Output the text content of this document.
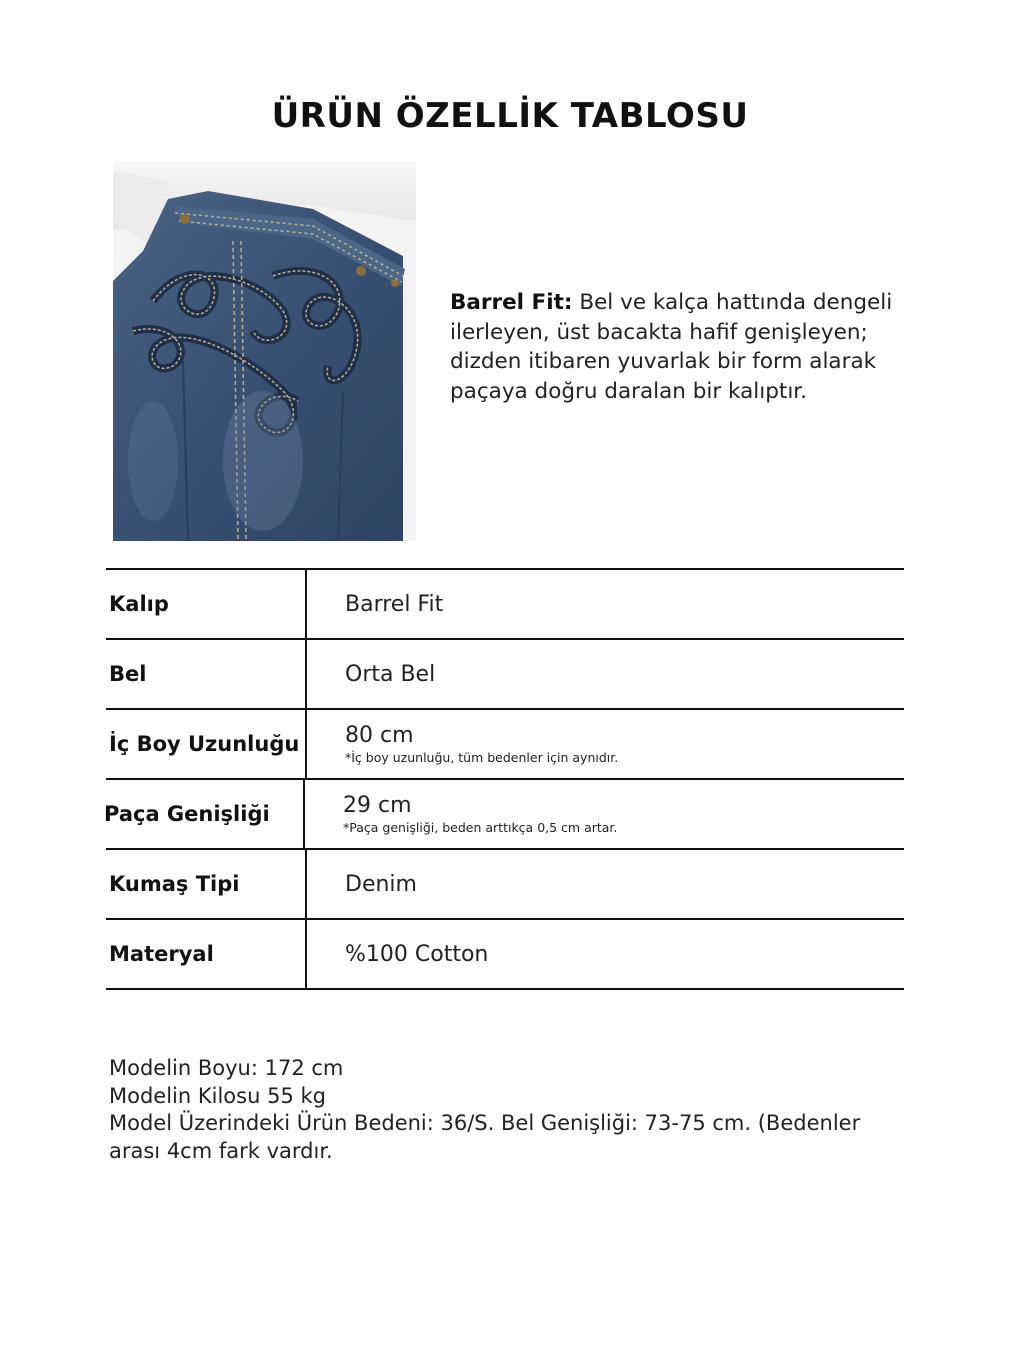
ÜRÜN ÖZELLİK TABLOSU
Barrel Fit: Bel ve kalça hattında dengeli ilerleyen, üst bacakta hafif genişleyen; dizden itibaren yuvarlak bir form alarak paçaya doğru daralan bir kalıptır.
Kalıp	Barrel Fit
Bel	Orta Bel
İç Boy Uzunluğu	80 cm
*İç boy uzunluğu, tüm bedenler için aynıdır.
Paça Genişliği	29 cm
*Paça genişliği, beden arttıkça 0,5 cm artar.
Kumaş Tipi	Denim
Materyal	%100 Cotton
Modelin Boyu: 172 cm
Modelin Kilosu 55 kg
Model Üzerindeki Ürün Bedeni: 36/S. Bel Genişliği: 73-75 cm. (Bedenler arası 4cm fark vardır.
